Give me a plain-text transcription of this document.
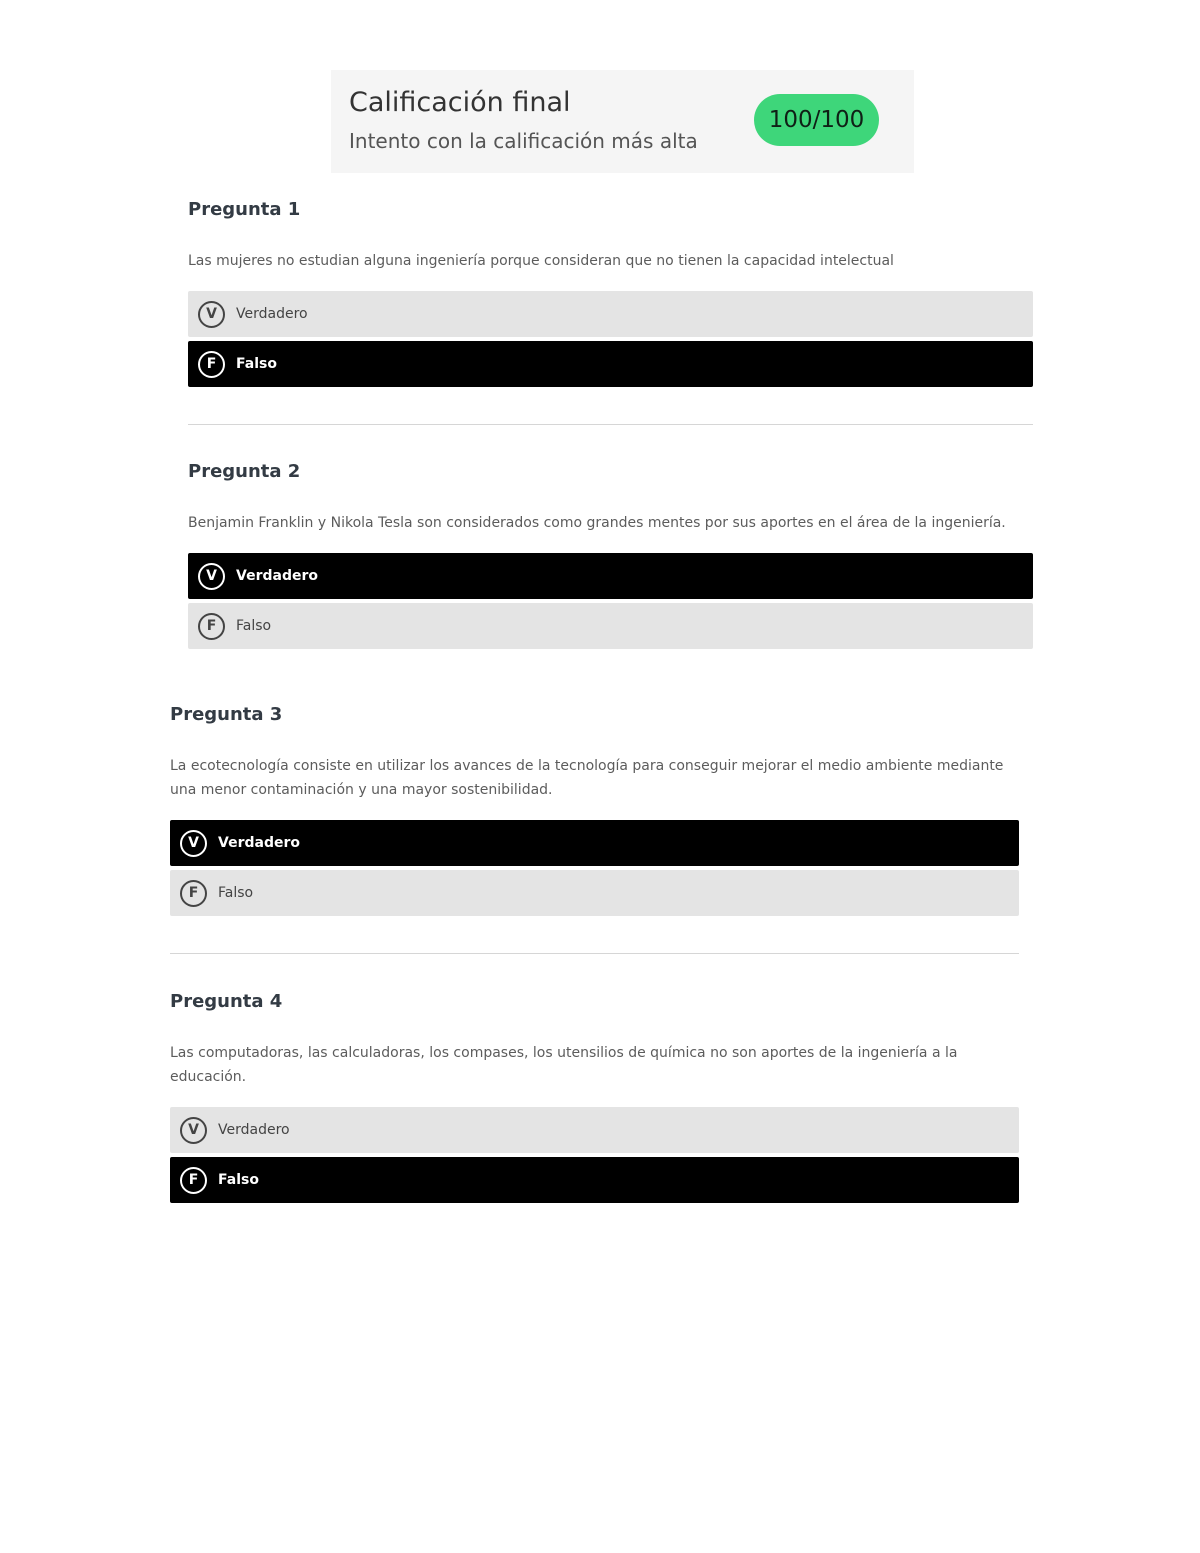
Calificación final
Intento con la calificación más alta
100/100
Pregunta 1
Las mujeres no estudian alguna ingeniería porque consideran que no tienen la capacidad intelectual
V	Verdadero
F	Falso
Pregunta 2
Benjamin Franklin y Nikola Tesla son considerados como grandes mentes por sus aportes en el área de la ingeniería.
V	Verdadero
F	Falso
Pregunta 3
La ecotecnología consiste en utilizar los avances de la tecnología para conseguir mejorar el medio ambiente mediante una menor contaminación y una mayor sostenibilidad.
V	Verdadero
F	Falso
Pregunta 4
Las computadoras, las calculadoras, los compases, los utensilios de química no son aportes de la ingeniería a la educación.
V	Verdadero
F	Falso
